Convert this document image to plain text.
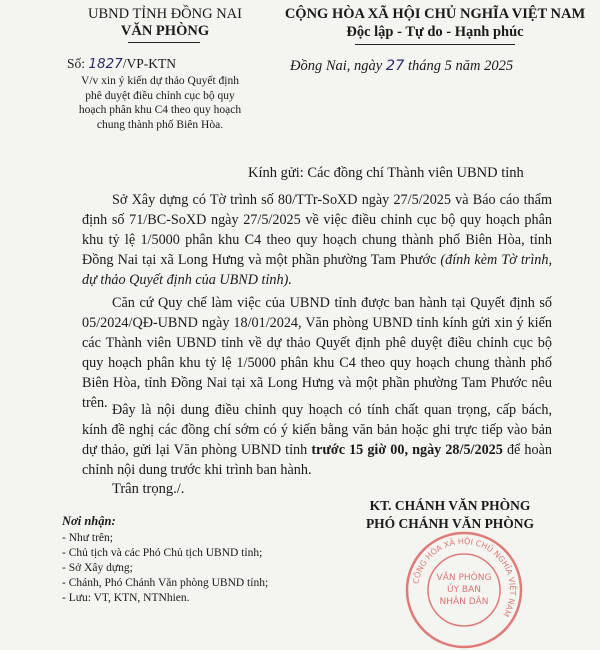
UBND TỈNH ĐỒNG NAI
VĂN PHÒNG
Số: 1827/VP-KTN
V/v xin ý kiến dự thảo Quyết định
phê duyệt điều chỉnh cục bộ quy
hoạch phân khu C4 theo quy hoạch
chung thành phố Biên Hòa.
CỘNG HÒA XÃ HỘI CHỦ NGHĨA VIỆT NAM
Độc lập - Tự do - Hạnh phúc
Đồng Nai, ngày 27 tháng 5 năm 2025
Kính gửi: Các đồng chí Thành viên UBND tỉnh
Sở Xây dựng có Tờ trình số 80/TTr-SoXD ngày 27/5/2025 và Báo cáo thẩm định số 71/BC-SoXD ngày 27/5/2025 về việc điều chỉnh cục bộ quy hoạch phân khu tỷ lệ 1/5000 phân khu C4 theo quy hoạch chung thành phố Biên Hòa, tỉnh Đồng Nai tại xã Long Hưng và một phần phường Tam Phước (đính kèm Tờ trình, dự thảo Quyết định của UBND tỉnh).
Căn cứ Quy chế làm việc của UBND tỉnh được ban hành tại Quyết định số 05/2024/QĐ-UBND ngày 18/01/2024, Văn phòng UBND tỉnh kính gửi xin ý kiến các Thành viên UBND tỉnh về dự thảo Quyết định phê duyệt điều chỉnh cục bộ quy hoạch phân khu tỷ lệ 1/5000 phân khu C4 theo quy hoạch chung thành phố Biên Hòa, tỉnh Đồng Nai tại xã Long Hưng và một phần phường Tam Phước nêu trên. Đây là nội dung điều chỉnh quy hoạch có tính chất quan trọng, cấp bách, kính đề nghị các đồng chí sớm có ý kiến bằng văn bản hoặc ghi trực tiếp vào bản dự thảo, gửi lại Văn phòng UBND tỉnh trước 15 giờ 00, ngày 28/5/2025 để hoàn chỉnh nội dung trước khi trình ban hành.
Trân trọng./.
KT. CHÁNH VĂN PHÒNG
PHÓ CHÁNH VĂN PHÒNG
Nơi nhận:
- Như trên;
- Chủ tịch và các Phó Chủ tịch UBND tỉnh;
- Sở Xây dựng;
- Chánh, Phó Chánh Văn phòng UBND tỉnh;
- Lưu: VT, KTN, NTNhien.
CỘNG HÒA XÃ HỘI CHỦ NGHĨA VIỆT NAM
VĂN PHÒNG
ỦY BAN
NHÂN DÂN
